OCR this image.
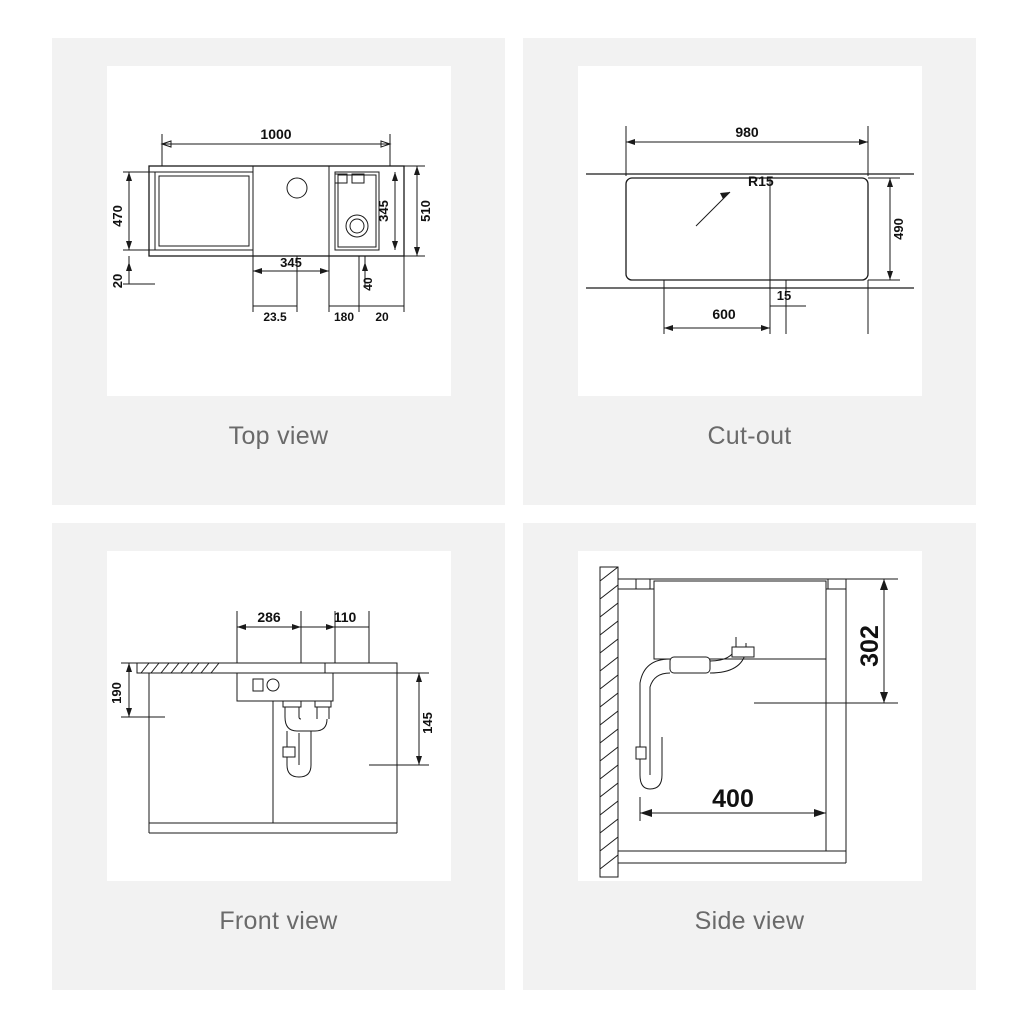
1000
470
20
510
345
345
23.5	180 20
40
Top view
980
490
600
15
R15
Cut-out
286	110
190
145
Front view
302
400
Side view
